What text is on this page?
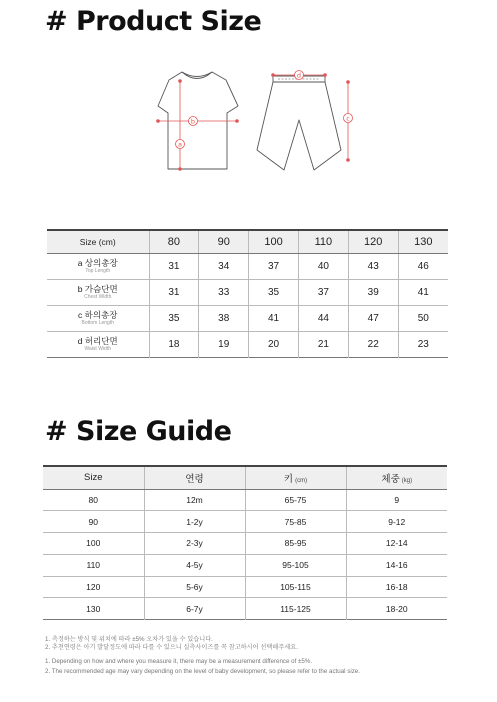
# Product Size
a
b
d
c
Size (cm)	80	90	100	110	120	130

a 상의총장
Top Length	31	34	37	40	43	46

b 가슴단면
Chest Width	31	33	35	37	39	41

c 하의총장
Bottom Length	35	38	41	44	47	50

d 허리단면
Waist Width	18	19	20	21	22	23
# Size Guide
Size	연령	키 (cm)	체중 (kg)
80	12m	65-75	9
90	1-2y	75-85	9-12
100	2-3y	85-95	12-14
110	4-5y	95-105	14-16
120	5-6y	105-115	16-18
130	6-7y	115-125	18-20

1. 측정하는 방식 및 위치에 따라 ±5% 오차가 있을 수 있습니다.

2. 추천연령은 아기 발달정도에 따라 다를 수 있으니 실측사이즈를 꼭 참고하시어 선택해주세요.

1. Depending on how and where you measure it, there may be a measurement difference of ±5%.

2. The recommended age may vary depending on the level of baby development, so please refer to the actual size.
